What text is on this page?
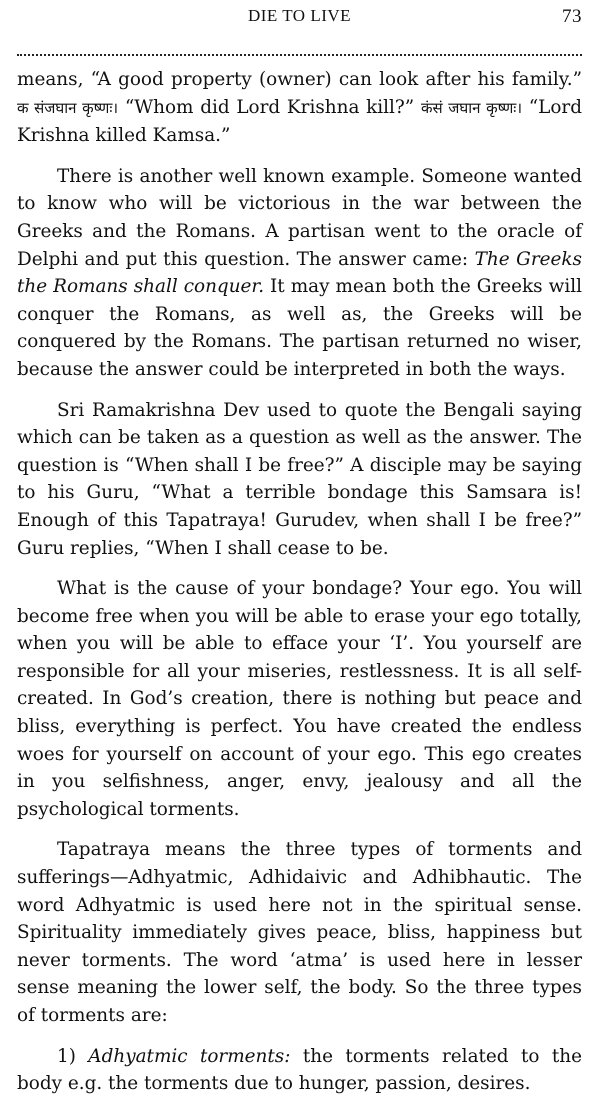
DIE TO LIVE	73

means, “A good property (owner) can look after his family.” क संजघान कृष्णः। “Whom did Lord Krishna kill?” कंसं जघान कृष्णः। “Lord Krishna killed Kamsa.”

There is another well known example. Someone wanted to know who will be victorious in the war between the Greeks and the Romans. A partisan went to the oracle of Delphi and put this question. The answer came: The Greeks the Romans shall conquer. It may mean both the Greeks will conquer the Romans, as well as, the Greeks will be conquered by the Romans. The partisan returned no wiser, because the answer could be interpreted in both the ways.

Sri Ramakrishna Dev used to quote the Bengali saying which can be taken as a question as well as the answer. The question is “When shall I be free?” A disciple may be saying to his Guru, “What a terrible bondage this Samsara is! Enough of this Tapatraya! Gurudev, when shall I be free?” Guru replies, “When I shall cease to be.

What is the cause of your bondage? Your ego. You will become free when you will be able to erase your ego totally, when you will be able to efface your ‘I’. You yourself are responsible for all your miseries, restlessness. It is all self-created. In God’s creation, there is nothing but peace and bliss, everything is perfect. You have created the endless woes for yourself on account of your ego. This ego creates in you selfishness, anger, envy, jealousy and all the psychological torments.

Tapatraya means the three types of torments and sufferings—Adhyatmic, Adhidaivic and Adhibhautic. The word Adhyatmic is used here not in the spiritual sense. Spirituality immediately gives peace, bliss, happiness but never torments. The word ‘atma’ is used here in lesser sense meaning the lower self, the body. So the three types of torments are:

1) Adhyatmic torments: the torments related to the body e.g. the torments due to hunger, passion, desires.
